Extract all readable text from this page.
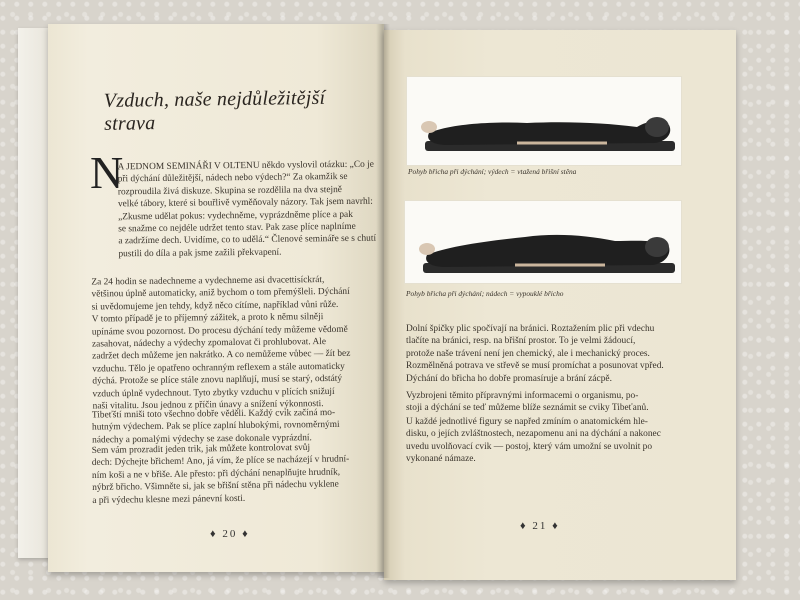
Vzduch, naše nejdůležitější strava
N

A JEDNOM SEMINÁŘI V OLTENU někdo vyslovil otázku: „Co je
při dýchání důležitější, nádech nebo výdech?“ Za okamžik se
rozproudila živá diskuze. Skupina se rozdělila na dva stejně
velké tábory, které si bouřlivě vyměňovaly názory. Tak jsem navrhl:
„Zkusme udělat pokus: vydechněme, vyprázdněme plíce a pak
se snažme co nejdéle udržet tento stav. Pak zase plíce naplníme
a zadržíme dech. Uvidíme, co to udělá.“ Členové semináře se s chutí
pustili do díla a pak jsme zažili překvapení.

Za 24 hodin se nadechneme a vydechneme asi dvacettisíckrát,
většinou úplně automaticky, aniž bychom o tom přemýšleli. Dýchání
si uvědomujeme jen tehdy, když něco cítíme, například vůni růže.
V tomto případě je to příjemný zážitek, a proto k němu silněji
upínáme svou pozornost. Do procesu dýchání tedy můžeme vědomě
zasahovat, nádechy a výdechy zpomalovat či prohlubovat. Ale
zadržet dech můžeme jen nakrátko. A co nemůžeme vůbec — žít bez
vzduchu. Tělo je opatřeno ochranným reflexem a stále automaticky
dýchá. Protože se plíce stále znovu naplňují, musí se starý, odstátý
vzduch úplně vydechnout. Tyto zbytky vzduchu v plících snižují
naši vitalitu. Jsou jednou z příčin únavy a snížení výkonnosti.

Tibeťští mniši toto všechno dobře věděli. Každý cvik začíná mo-
hutným výdechem. Pak se plíce zaplní hlubokými, rovnoměrnými
nádechy a pomalými výdechy se zase dokonale vyprázdní.

Sem vám prozradit jeden trik, jak můžete kontrolovat svůj
dech: Dýchejte břichem! Ano, já vím, že plíce se nacházejí v hrudní-
ním koši a ne v břiše. Ale přesto: při dýchání nenaplňujte hrudník,
nýbrž břicho. Všimněte si, jak se břišní stěna při nádechu vyklene
a při výdechu klesne mezi pánevní kosti.

♦ 20 ♦
Pohyb břicha při dýchání; výdech = vtažená břišní stěna
Pohyb břicha při dýchání; nádech = vypouklé břicho

Dolní špičky plic spočívají na bránici. Roztažením plic při vdechu
tlačíte na bránici, resp. na břišní prostor. To je velmi žádoucí,
protože naše trávení není jen chemický, ale i mechanický proces.
Rozmělněná potrava ve střevě se musí promíchat a posunovat vpřed.
Dýchání do břicha ho dobře promasíruje a brání zácpě.

Vyzbrojeni těmito přípravnými informacemi o organismu, po-
stoji a dýchání se teď můžeme blíže seznámit se cviky Tibeťanů.

U každé jednotlivé figury se napřed zmíním o anatomickém hle-
disku, o jejích zvláštnostech, nezapomenu ani na dýchání a nakonec
uvedu uvolňovací cvik — postoj, který vám umožní se uvolnit po
vykonané námaze.

♦ 21 ♦
